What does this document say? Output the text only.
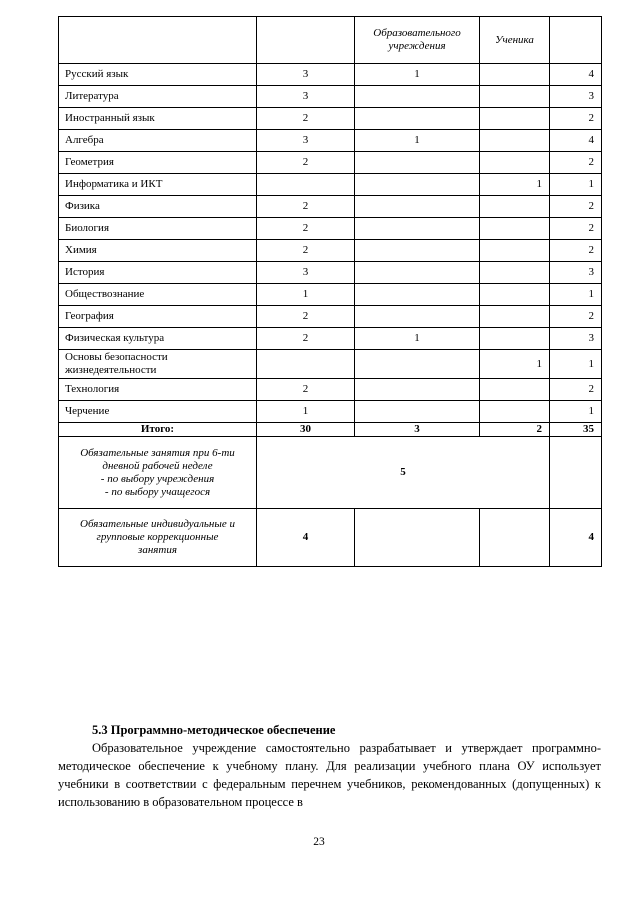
		Образовательного учреждения	Ученика	
Русский язык	3	1		4
Литература	3			3
Иностранный язык	2			2
Алгебра	3	1		4
Геометрия	2			2
Информатика и ИКТ			1	1
Физика	2			2
Биология	2			2
Химия	2			2
История	3			3
Обществознание	1			1
География	2			2
Физическая культура	2	1		3
Основы безопасности жизнедеятельности			1	1
Технология	2			2
Черчение	1			1
Итого:	30	3	2	35

Обязательные занятия при 6-ти
дневной рабочей неделе
- по выбору учреждения
- по выбору учащегося	5			

Обязательные индивидуальные и
групповые коррекционные
занятия	4			4
5.3 Программно-методическое обеспечение
Образовательное учреждение самостоятельно разрабатывает и утверждает программно-методическое обеспечение к учебному плану. Для реализации учебного плана ОУ использует учебники в соответствии с федеральным перечнем учебников, рекомендованных (допущенных) к использованию в образовательном процессе в
23
